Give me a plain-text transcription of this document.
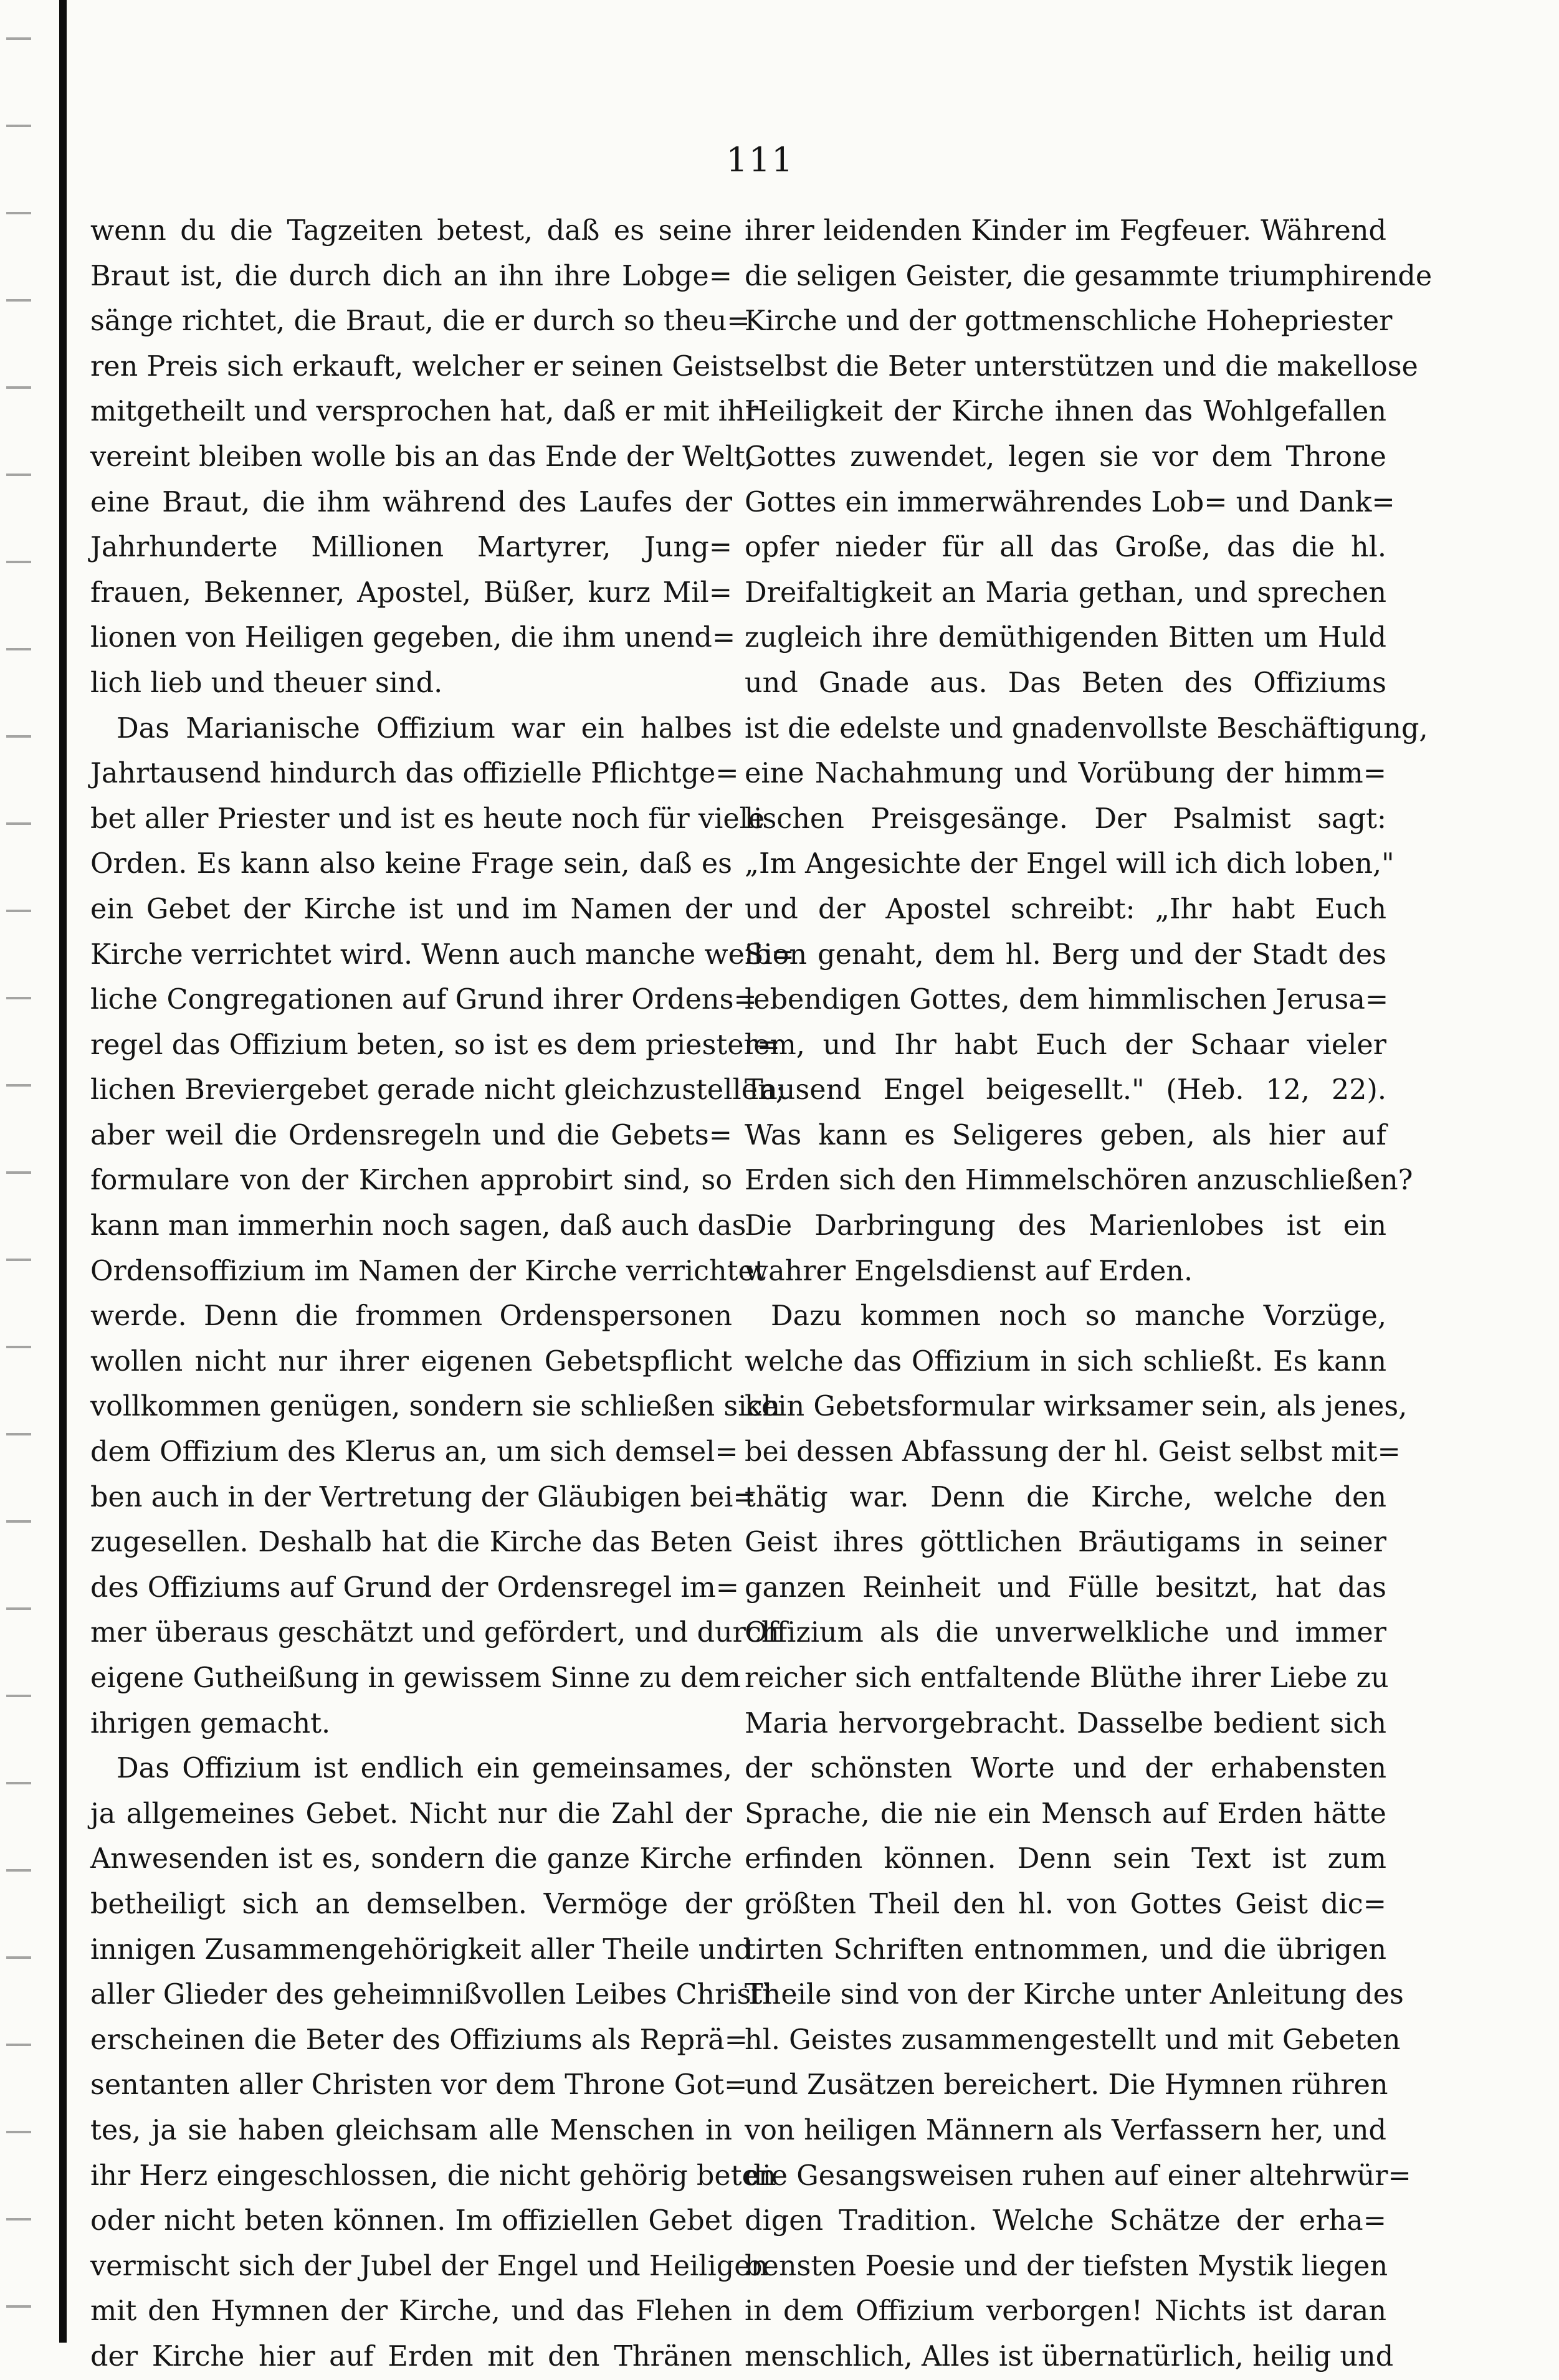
111

wenn du die Tagzeiten betest, daß es seine

Braut ist, die durch dich an ihn ihre Lobge=

sänge richtet, die Braut, die er durch so theu=

ren Preis sich erkauft, welcher er seinen Geist

mitgetheilt und versprochen hat, daß er mit ihr

vereint bleiben wolle bis an das Ende der Welt,

eine Braut, die ihm während des Laufes der

Jahrhunderte Millionen Martyrer, Jung=

frauen, Bekenner, Apostel, Büßer, kurz Mil=

lionen von Heiligen gegeben, die ihm unend=

lich lieb und theuer sind.

Das Marianische Offizium war ein halbes

Jahrtausend hindurch das offizielle Pflichtge=

bet aller Priester und ist es heute noch für viele

Orden. Es kann also keine Frage sein, daß es

ein Gebet der Kirche ist und im Namen der

Kirche verrichtet wird. Wenn auch manche weib=

liche Congregationen auf Grund ihrer Ordens=

regel das Offizium beten, so ist es dem priester=

lichen Breviergebet gerade nicht gleichzustellen;

aber weil die Ordensregeln und die Gebets=

formulare von der Kirchen approbirt sind, so

kann man immerhin noch sagen, daß auch das

Ordensoffizium im Namen der Kirche verrichtet

werde. Denn die frommen Ordenspersonen

wollen nicht nur ihrer eigenen Gebetspflicht

vollkommen genügen, sondern sie schließen sich

dem Offizium des Klerus an, um sich demsel=

ben auch in der Vertretung der Gläubigen bei=

zugesellen. Deshalb hat die Kirche das Beten

des Offiziums auf Grund der Ordensregel im=

mer überaus geschätzt und gefördert, und durch

eigene Gutheißung in gewissem Sinne zu dem

ihrigen gemacht.

Das Offizium ist endlich ein gemeinsames,

ja allgemeines Gebet. Nicht nur die Zahl der

Anwesenden ist es, sondern die ganze Kirche

betheiligt sich an demselben. Vermöge der

innigen Zusammengehörigkeit aller Theile und

aller Glieder des geheimnißvollen Leibes Christi

erscheinen die Beter des Offiziums als Reprä=

sentanten aller Christen vor dem Throne Got=

tes, ja sie haben gleichsam alle Menschen in

ihr Herz eingeschlossen, die nicht gehörig beten

oder nicht beten können. Im offiziellen Gebet

vermischt sich der Jubel der Engel und Heiligen

mit den Hymnen der Kirche, und das Flehen

der Kirche hier auf Erden mit den Thränen

ihrer leidenden Kinder im Fegfeuer. Während

die seligen Geister, die gesammte triumphirende

Kirche und der gottmenschliche Hohepriester

selbst die Beter unterstützen und die makellose

Heiligkeit der Kirche ihnen das Wohlgefallen

Gottes zuwendet, legen sie vor dem Throne

Gottes ein immerwährendes Lob= und Dank=

opfer nieder für all das Große, das die hl.

Dreifaltigkeit an Maria gethan, und sprechen

zugleich ihre demüthigenden Bitten um Huld

und Gnade aus. Das Beten des Offiziums

ist die edelste und gnadenvollste Beschäftigung,

eine Nachahmung und Vorübung der himm=

lischen Preisgesänge. Der Psalmist sagt:

„Im Angesichte der Engel will ich dich loben,"

und der Apostel schreibt: „Ihr habt Euch

Sion genaht, dem hl. Berg und der Stadt des

lebendigen Gottes, dem himmlischen Jerusa=

lem, und Ihr habt Euch der Schaar vieler

Tausend Engel beigesellt." (Heb. 12, 22).

Was kann es Seligeres geben, als hier auf

Erden sich den Himmelschören anzuschließen?

Die Darbringung des Marienlobes ist ein

wahrer Engelsdienst auf Erden.

Dazu kommen noch so manche Vorzüge,

welche das Offizium in sich schließt. Es kann

kein Gebetsformular wirksamer sein, als jenes,

bei dessen Abfassung der hl. Geist selbst mit=

thätig war. Denn die Kirche, welche den

Geist ihres göttlichen Bräutigams in seiner

ganzen Reinheit und Fülle besitzt, hat das

Offizium als die unverwelkliche und immer

reicher sich entfaltende Blüthe ihrer Liebe zu

Maria hervorgebracht. Dasselbe bedient sich

der schönsten Worte und der erhabensten

Sprache, die nie ein Mensch auf Erden hätte

erfinden können. Denn sein Text ist zum

größten Theil den hl. von Gottes Geist dic=

tirten Schriften entnommen, und die übrigen

Theile sind von der Kirche unter Anleitung des

hl. Geistes zusammengestellt und mit Gebeten

und Zusätzen bereichert. Die Hymnen rühren

von heiligen Männern als Verfassern her, und

die Gesangsweisen ruhen auf einer altehrwür=

digen Tradition. Welche Schätze der erha=

bensten Poesie und der tiefsten Mystik liegen

in dem Offizium verborgen! Nichts ist daran

menschlich, Alles ist übernatürlich, heilig und
